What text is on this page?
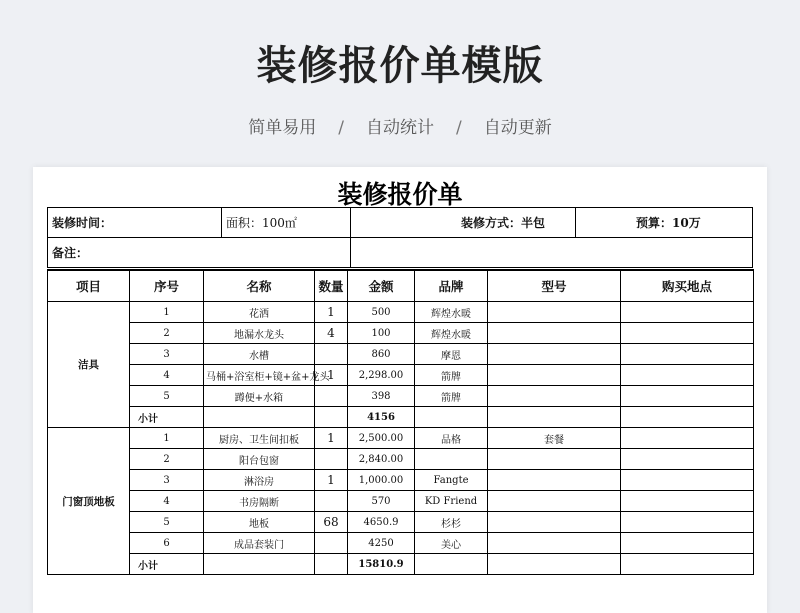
装修报价单模版
简单易用 / 自动统计 / 自动更新
装修报价单
装修时间：	面积：100㎡	装修方式：半包	预算：10万
备注：			
项目	序号	名称	数量	金额	品牌	型号	购买地点
洁具	1	花洒	1	500	辉煌水暖		
	2	地漏水龙头	4	100	辉煌水暖		
	3	水槽		860	摩恩		
	4	马桶+浴室柜+镜+盆+龙头	1	2,298.00	箭牌		
	5	蹲便+水箱		398	箭牌		
	小计			4156			
门窗顶地板	1	厨房、卫生间扣板	1	2,500.00	品格	套餐	
	2	阳台包窗		2,840.00			
	3	淋浴房	1	1,000.00	Fangte		
	4	书房隔断		570	KD Friend		
	5	地板	68	4650.9	杉杉		
	6	成品套装门		4250	美心		
	小计			15810.9			
